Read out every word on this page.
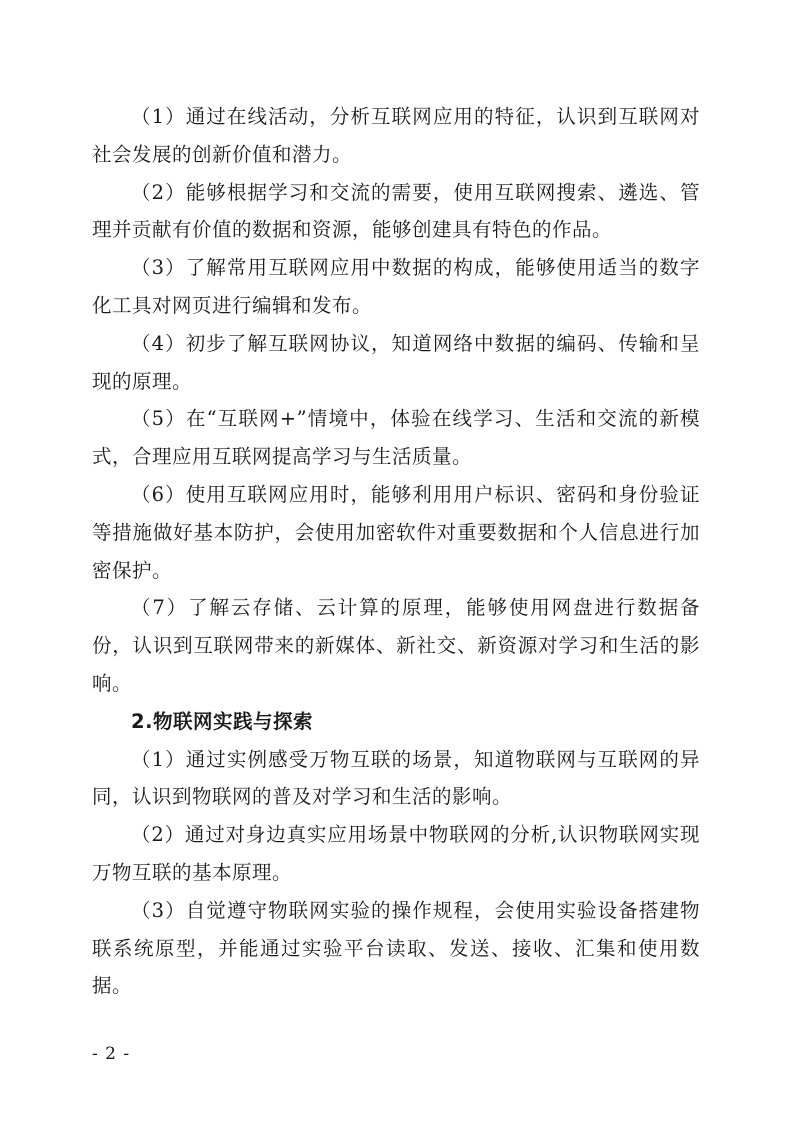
（1）通过在线活动，分析互联网应用的特征，认识到互联网对社会发展的创新价值和潜力。

（2）能够根据学习和交流的需要，使用互联网搜索、遴选、管理并贡献有价值的数据和资源，能够创建具有特色的作品。

（3）了解常用互联网应用中数据的构成，能够使用适当的数字化工具对网页进行编辑和发布。

（4）初步了解互联网协议，知道网络中数据的编码、传输和呈现的原理。

（5）在“互联网+”情境中，体验在线学习、生活和交流的新模式，合理应用互联网提高学习与生活质量。

（6）使用互联网应用时，能够利用用户标识、密码和身份验证等措施做好基本防护，会使用加密软件对重要数据和个人信息进行加密保护。

（7）了解云存储、云计算的原理，能够使用网盘进行数据备份，认识到互联网带来的新媒体、新社交、新资源对学习和生活的影响。

2.物联网实践与探索

（1）通过实例感受万物互联的场景，知道物联网与互联网的异同，认识到物联网的普及对学习和生活的影响。

（2）通过对身边真实应用场景中物联网的分析,认识物联网实现万物互联的基本原理。

（3）自觉遵守物联网实验的操作规程，会使用实验设备搭建物联系统原型，并能通过实验平台读取、发送、接收、汇集和使用数据。

- 2 -
